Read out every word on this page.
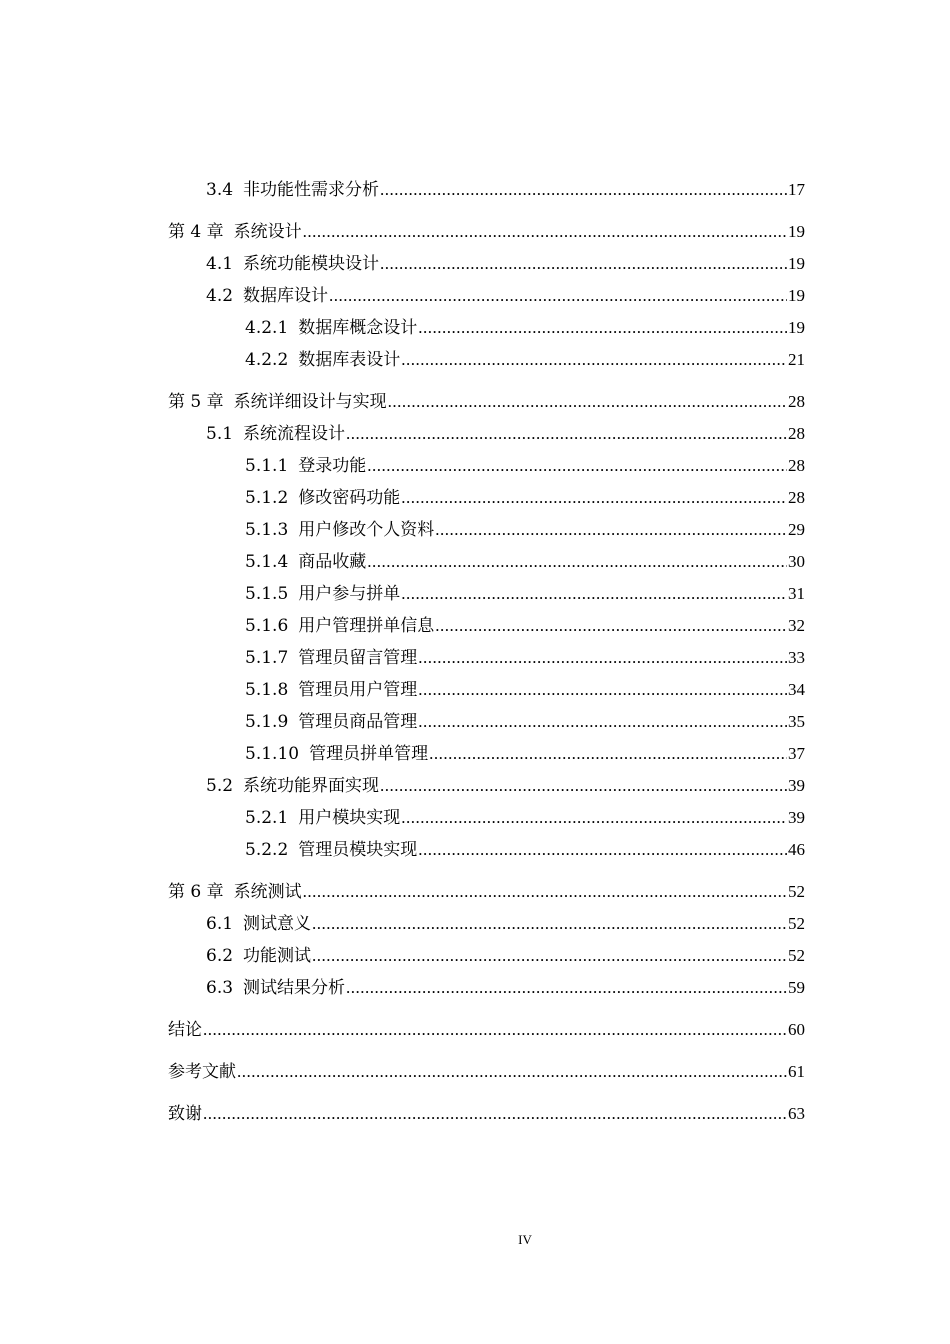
3.4 非功能性需求分析 .....	17
第 4 章 系统设计 .....	19
4.1 系统功能模块设计 .....	19
4.2 数据库设计 .....	19
4.2.1 数据库概念设计 .....	19
4.2.2 数据库表设计 .....	21
第 5 章 系统详细设计与实现 .....	28
5.1 系统流程设计 .....	28
5.1.1 登录功能 .....	28
5.1.2 修改密码功能 .....	28
5.1.3 用户修改个人资料 .....	29
5.1.4 商品收藏 .....	30
5.1.5 用户参与拼单 .....	31
5.1.6 用户管理拼单信息 .....	32
5.1.7 管理员留言管理 .....	33
5.1.8 管理员用户管理 .....	34
5.1.9 管理员商品管理 .....	35
5.1.10 管理员拼单管理 .....	37
5.2 系统功能界面实现 .....	39
5.2.1 用户模块实现 .....	39
5.2.2 管理员模块实现 .....	46
第 6 章 系统测试 .....	52
6.1 测试意义 .....	52
6.2 功能测试 .....	52
6.3 测试结果分析 .....	59
结论 .....	60
参考文献 .....	61
致谢 .....	63
IV
